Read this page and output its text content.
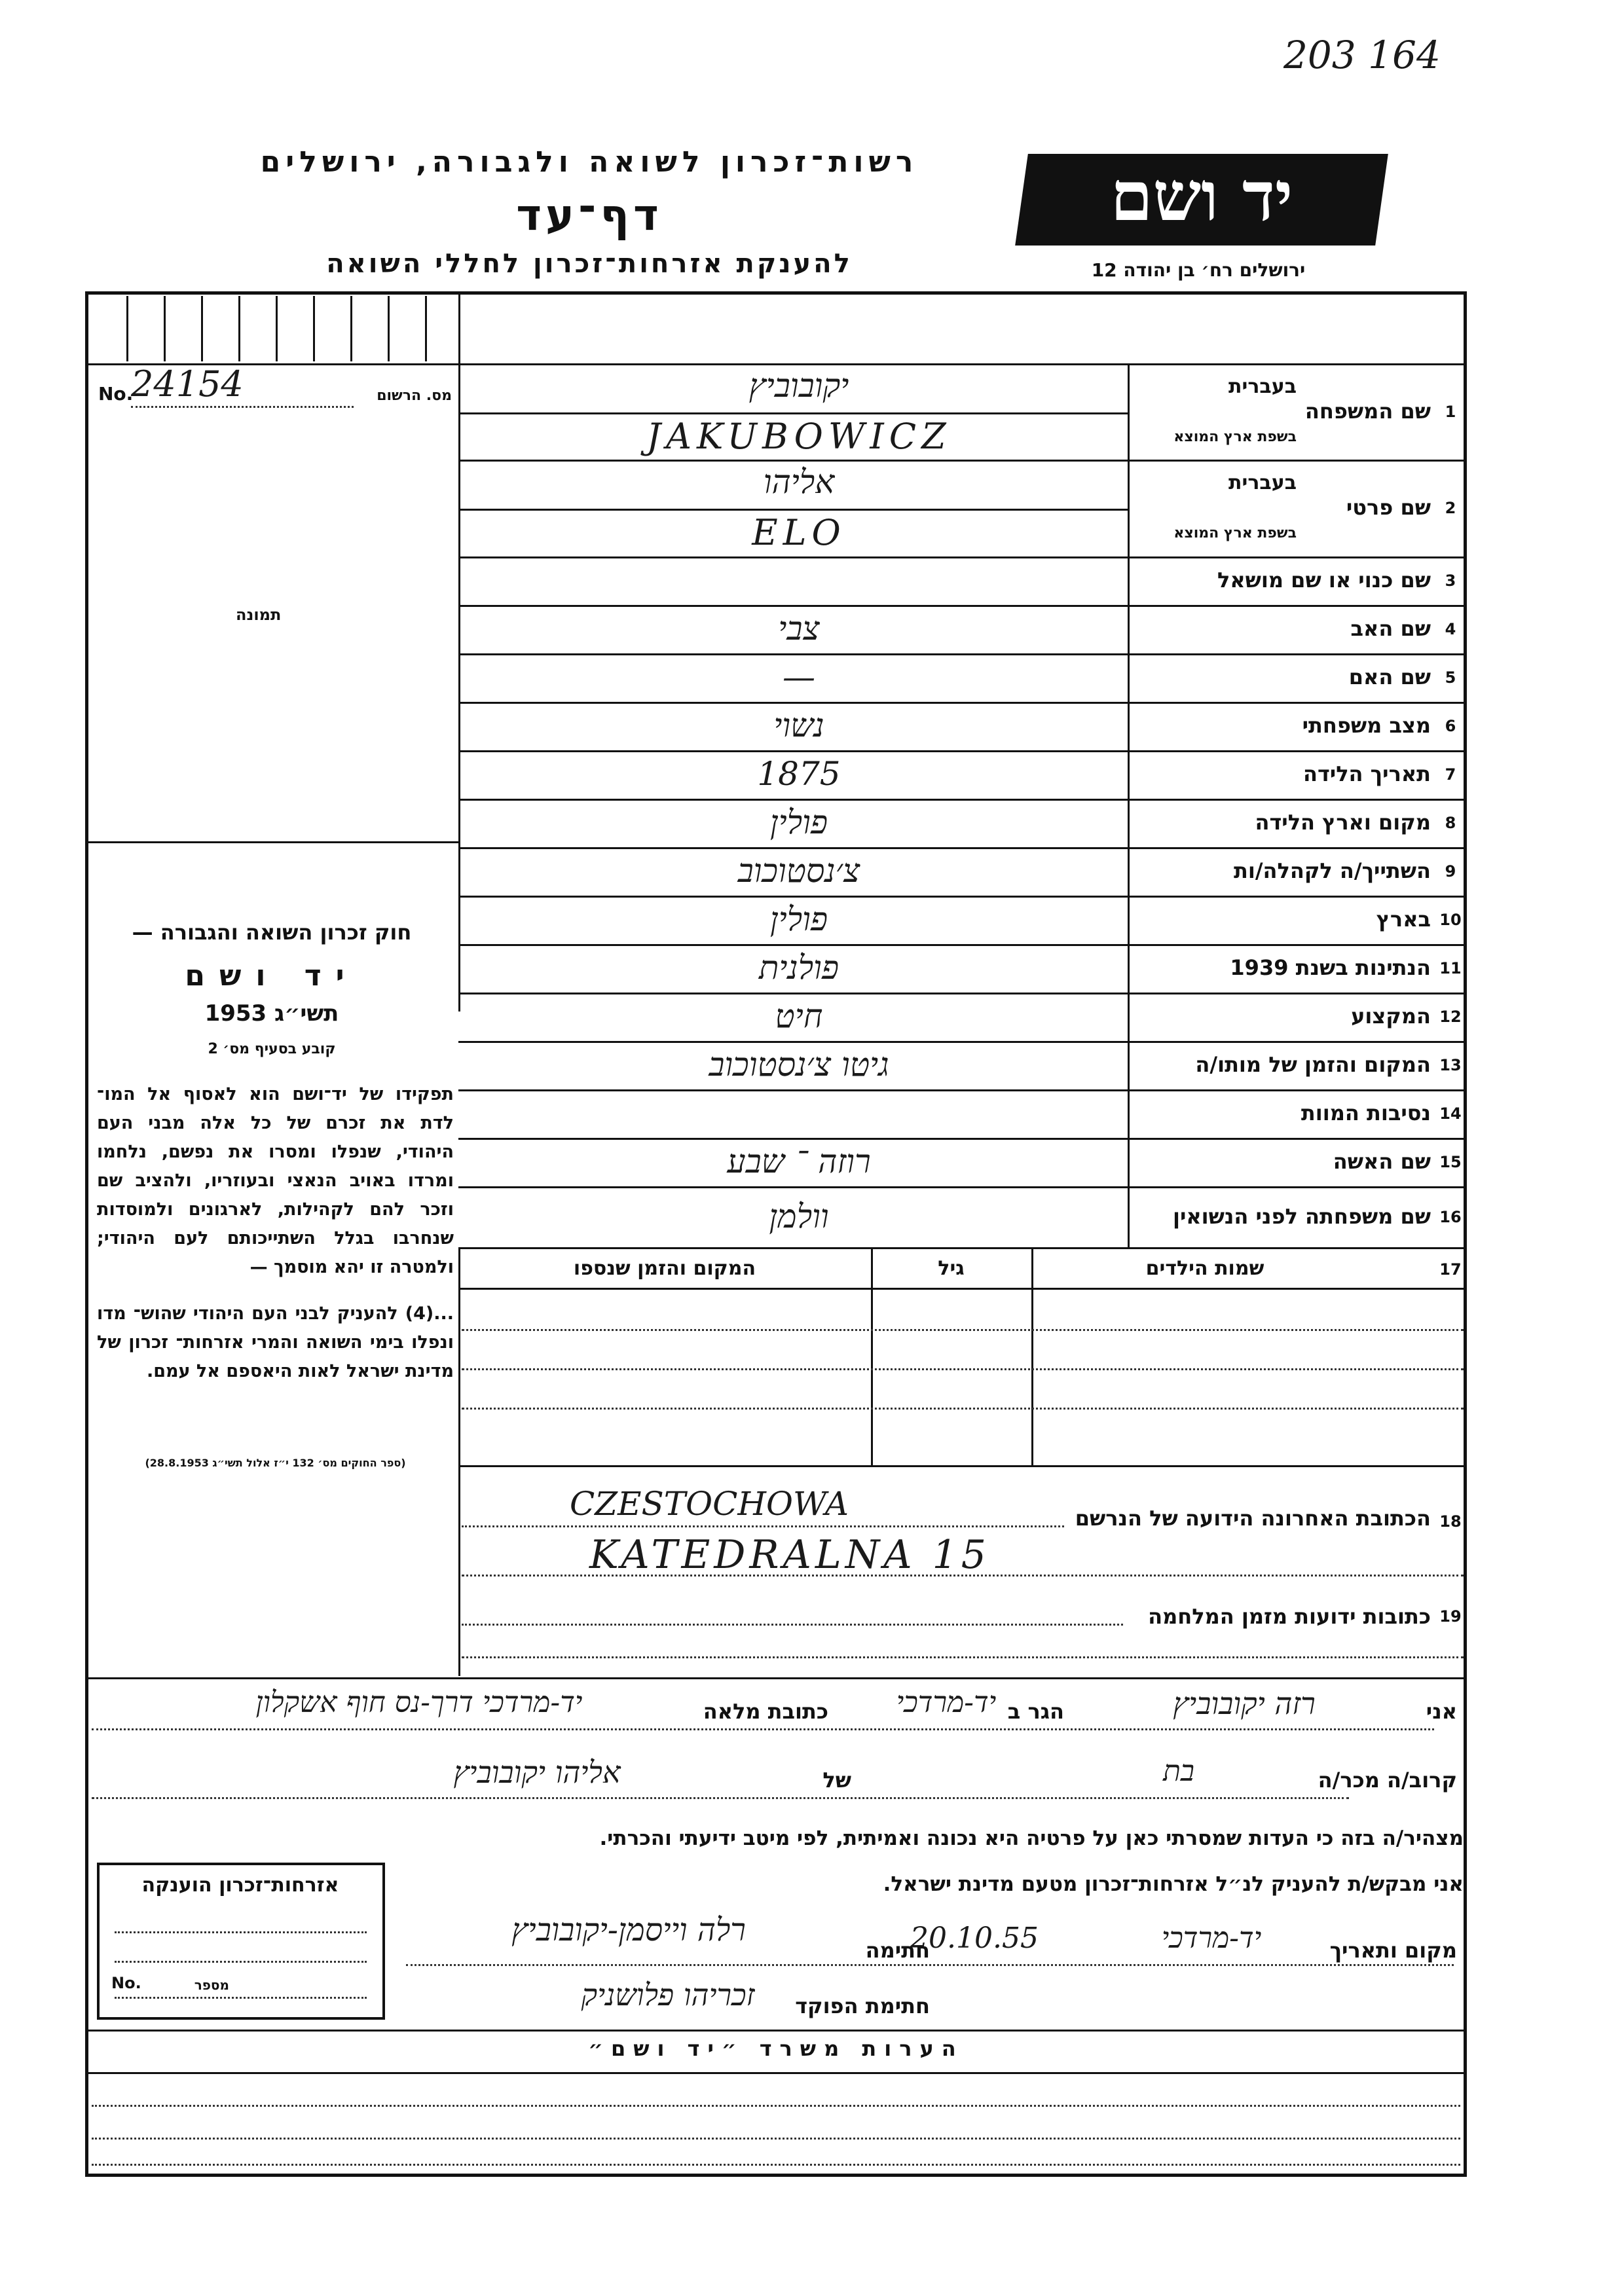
203 164
רשות־זכרון לשואה ולגבורה, ירושלים
דף־עד
להענקת אזרחות־זכרון לחללי השואה
יד ושם
ירושלים רח׳ בן יהודה 12
No.
24154	מס. הרשום
תמונה
חוק זכרון השואה והגבורה —
יד ושם
תשי״ג 1953
קובע בסעיף מס׳ 2
תפקידו של יד־ושם הוא לאסוף אל המו־ לדת את זכרם של כל אלה מבני העם היהודי, שנפלו ומסרו את נפשם, נלחמו ומרדו באויב הנאצי ובעוזריו, ולהציב שם וזכר להם לקהילות, לארגונים ולמוסדות שנחרבו בגלל השתייכותם לעם היהודי; ולמטרה זו יהא מוסמך —
...(4) להעניק לבני העם היהודי שהוש־ מדו ונפלו בימי השואה והמרי אזרחות־ זכרון של מדינת ישראל לאות היאספם אל עמם.
(ספר החוקים מס׳ 132 י״ז אלול תשי״ג 28.8.1953)
1
שם המשפחה
בעברית
בשפת ארץ המוצא
יקובוביץ
JAKUBOWICZ
2
שם פרטי
בעברית
בשפת ארץ המוצא
אליהו
ELO
3
שם כנוי או שם מושאל
4
שם האב
צבי
5
שם האם
—
6
מצב משפחתי
נשוי
7
תאריך הלידה
1875
8
מקום וארץ הלידה
פולין
9
השתייך/ה לקהלה/ות
צ׳נסטוכוב
10
בארץ
פולין
11
הנתינות בשנת 1939
פולנית
12
המקצוע
חיט
13
המקום והזמן של מותו/ה
גיטו צ׳נסטוכוב
14
נסיבות המוות
15
שם האשה
רוזה ־ שבע
16
שם משפחתה לפני הנשואין
וולמן
17
שמות הילדים
גיל
המקום והזמן שנספו
18
הכתובת האחרונה הידועה של הנרשם
CZESTOCHOWA
KATEDRALNA 15
19
כתובות ידועות מזמן המלחמה
אני
רזה יקובוביץ
הגר ב
יד-מרדכי
כתובת מלאה
יד-מרדכי דרך-נס חוף אשקלון
קרוב/ה מכר/ה
בת
של
אליהו יקובוביץ
מצהיר/ה בזה כי העדות שמסרתי כאן על פרטיה היא נכונה ואמיתית, לפי מיטב ידיעתי והכרתי.
אני מבקש/ת להעניק לנ״ל אזרחות־זכרון מטעם מדינת ישראל.
מקום ותאריך
יד-מרדכי
20.10.55
חתימה
רלה וייסמן-יקובוביץ
חתימת הפוקד
זכריהו פלושניק
אזרחות־זכרון הוענקה
No.	מספר
הערות משרד ״יד ושם״
